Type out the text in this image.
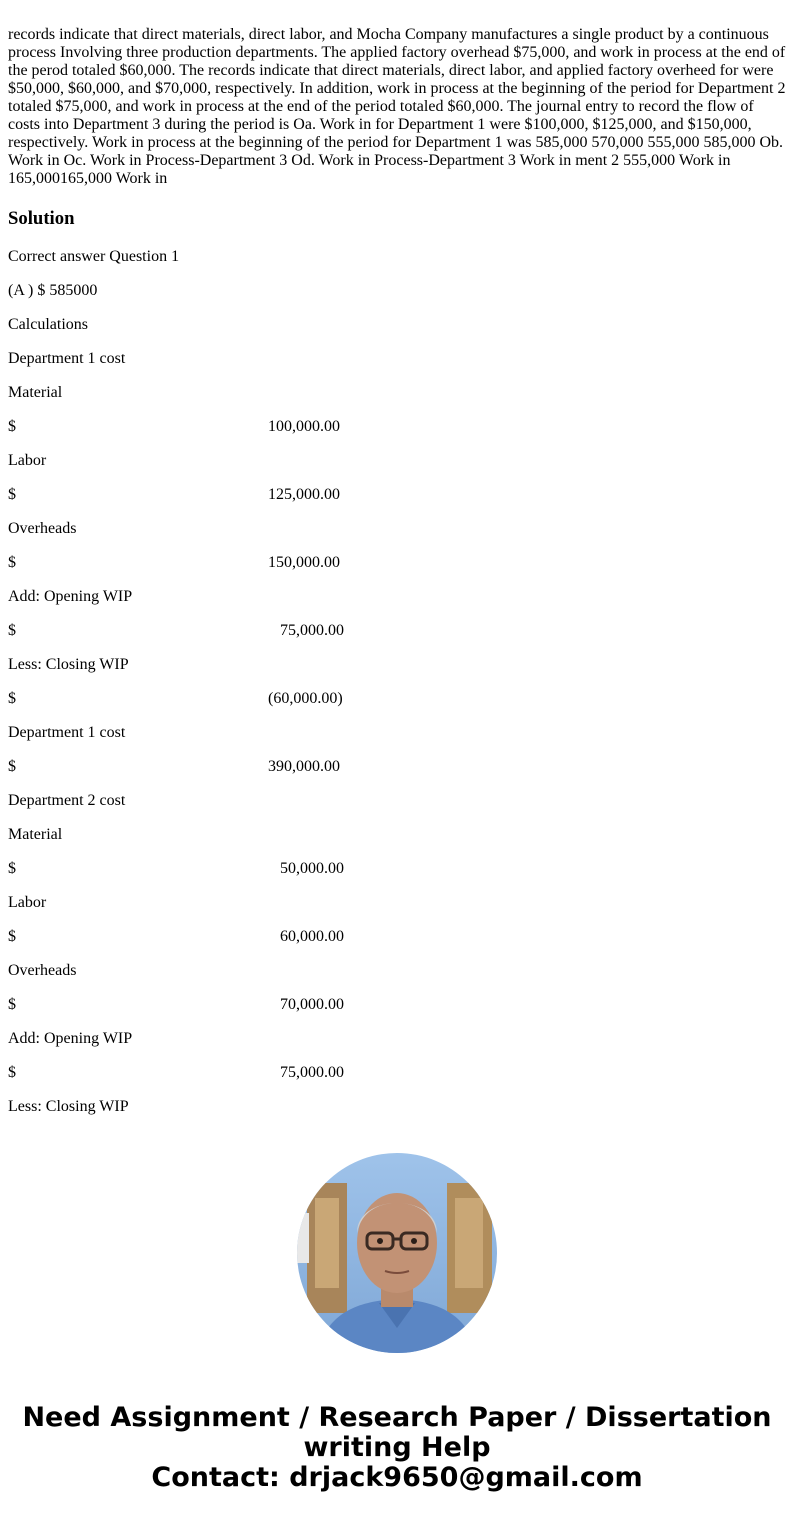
records indicate that direct materials, direct labor, and Mocha Company manufactures a single product by a continuous process Involving three production departments. The applied factory overhead $75,000, and work in process at the end of the perod totaled $60,000. The records indicate that direct materials, direct labor, and applied factory overheed for were $50,000, $60,000, and $70,000, respectively. In addition, work in process at the beginning of the period for Department 2 totaled $75,000, and work in process at the end of the period totaled $60,000. The journal entry to record the flow of costs into Department 3 during the period is Oa. Work in for Department 1 were $100,000, $125,000, and $150,000, respectively. Work in process at the beginning of the period for Department 1 was 585,000 570,000 555,000 585,000 Ob. Work in Oc. Work in Process-Department 3 Od. Work in Process-Department 3 Work in ment 2 555,000 Work in 165,000165,000 Work in

Solution
Correct answer Question 1
(A ) $ 585000
Calculations
Department 1 cost
Material
$	100,000.00
Labor
$	125,000.00
Overheads
$	150,000.00
Add: Opening WIP
$	75,000.00
Less: Closing WIP
$	(60,000.00)
Department 1 cost
$	390,000.00
Department 2 cost
Material
$	50,000.00
Labor
$	60,000.00
Overheads
$	70,000.00
Add: Opening WIP
$	75,000.00
Less: Closing WIP
Need Assignment / Research Paper / Dissertation
writing Help
Contact: drjack9650@gmail.com
